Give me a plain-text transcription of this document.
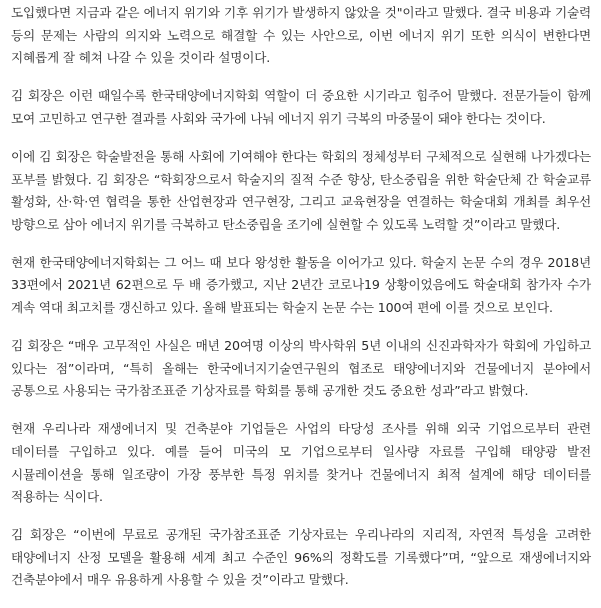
도입했다면 지금과 같은 에너지 위기와 기후 위기가 발생하지 않았을 것"이라고 말했다. 결국 비용과 기술력 등의 문제는 사람의 의지와 노력으로 해결할 수 있는 사안으로, 이번 에너지 위기 또한 의식이 변한다면 지혜롭게 잘 헤쳐 나갈 수 있을 것이라 설명이다.

김 회장은 이런 때일수록 한국태양에너지학회 역할이 더 중요한 시기라고 힘주어 말했다. 전문가들이 함께 모여 고민하고 연구한 결과를 사회와 국가에 나눠 에너지 위기 극복의 마중물이 돼야 한다는 것이다.

이에 김 회장은 학술발전을 통해 사회에 기여해야 한다는 학회의 정체성부터 구체적으로 실현해 나가겠다는 포부를 밝혔다. 김 회장은 “학회장으로서 학술지의 질적 수준 향상, 탄소중립을 위한 학술단체 간 학술교류 활성화, 산·학·연 협력을 통한 산업현장과 연구현장, 그리고 교육현장을 연결하는 학술대회 개최를 최우선 방향으로 삼아 에너지 위기를 극복하고 탄소중립을 조기에 실현할 수 있도록 노력할 것”이라고 말했다.

현재 한국태양에너지학회는 그 어느 때 보다 왕성한 활동을 이어가고 있다. 학술지 논문 수의 경우 2018년 33편에서 2021년 62편으로 두 배 증가했고, 지난 2년간 코로나19 상황이었음에도 학술대회 참가자 수가 계속 역대 최고치를 갱신하고 있다. 올해 발표되는 학술지 논문 수는 100여 편에 이를 것으로 보인다.

김 회장은 “매우 고무적인 사실은 매년 20여명 이상의 박사학위 5년 이내의 신진과학자가 학회에 가입하고 있다는 점”이라며, “특히 올해는 한국에너지기술연구원의 협조로 태양에너지와 건물에너지 분야에서 공통으로 사용되는 국가참조표준 기상자료를 학회를 통해 공개한 것도 중요한 성과”라고 밝혔다.

현재 우리나라 재생에너지 및 건축분야 기업들은 사업의 타당성 조사를 위해 외국 기업으로부터 관련 데이터를 구입하고 있다. 예를 들어 미국의 모 기업으로부터 일사량 자료를 구입해 태양광 발전 시뮬레이션을 통해 일조량이 가장 풍부한 특정 위치를 찾거나 건물에너지 최적 설계에 해당 데이터를 적용하는 식이다.

김 회장은 “이번에 무료로 공개된 국가참조표준 기상자료는 우리나라의 지리적, 자연적 특성을 고려한 태양에너지 산정 모델을 활용해 세계 최고 수준인 96%의 정확도를 기록했다”며, “앞으로 재생에너지와 건축분야에서 매우 유용하게 사용할 수 있을 것”이라고 말했다.
